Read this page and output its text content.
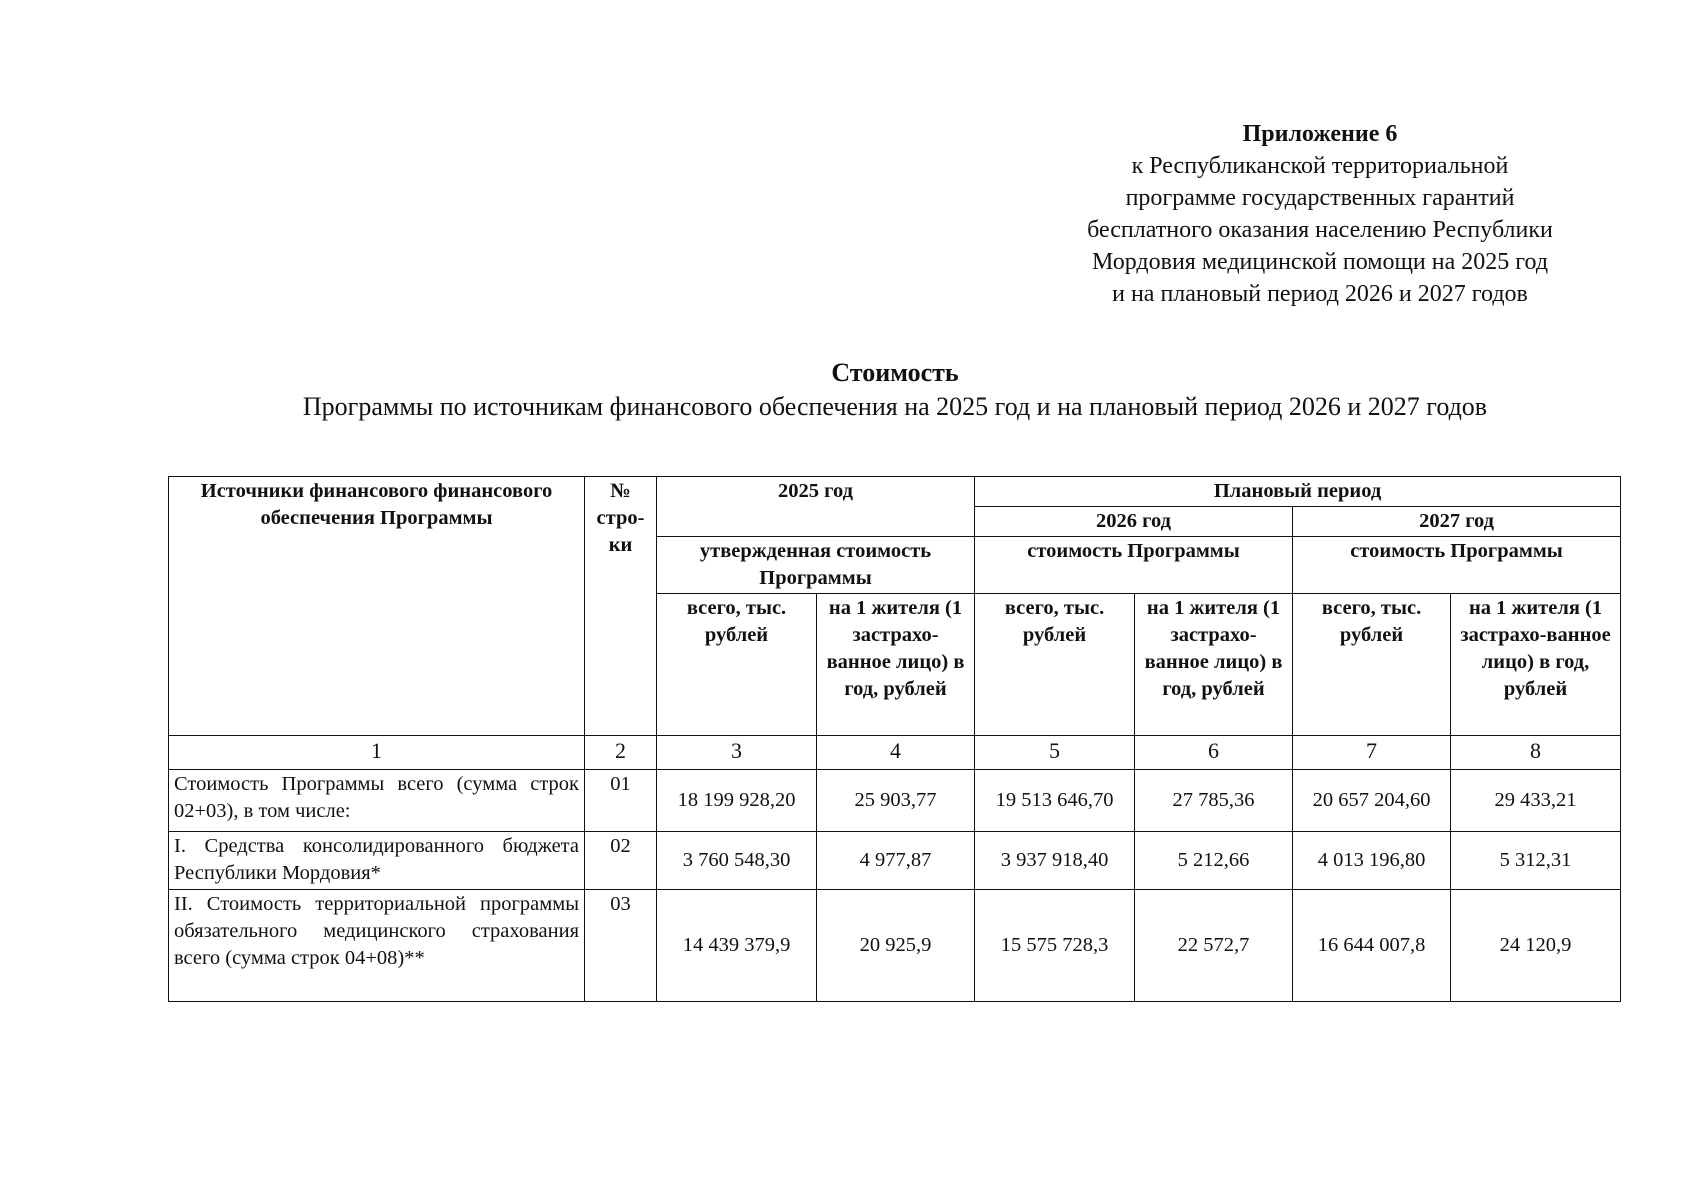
Приложение 6
к Республиканской территориальной
программе государственных гарантий
бесплатного оказания населению Республики
Мордовия медицинской помощи на 2025 год
и на плановый период 2026 и 2027 годов
Стоимость
Программы по источникам финансового обеспечения на 2025 год и на плановый период 2026 и 2027 годов
Источники финансового финансового обеспечения Программы	№ стро-ки	2025 год		Плановый период			
				2026 год		2027 год	
		утвержденная стоимость Программы		стоимость Программы		стоимость Программы	
		всего, тыс. рублей	на 1 жителя (1 застрахо-ванное лицо) в год, рублей	всего, тыс. рублей	на 1 жителя (1 застрахо-ванное лицо) в год, рублей	всего, тыс. рублей	на 1 жителя (1 застрахо-ванное лицо) в год, рублей
1	2	3	4	5	6	7	8
Стоимость Программы всего (сумма строк 02+03), в том числе:	01	18 199 928,20	25 903,77	19 513 646,70	27 785,36	20 657 204,60	29 433,21
I. Средства консолидированного бюджета Республики Мордовия*	02	3 760 548,30	4 977,87	3 937 918,40	5 212,66	4 013 196,80	5 312,31
II. Стоимость территориальной программы обязательного медицинского страхования всего (сумма строк 04+08)**	03	14 439 379,9	20 925,9	15 575 728,3	22 572,7	16 644 007,8	24 120,9
